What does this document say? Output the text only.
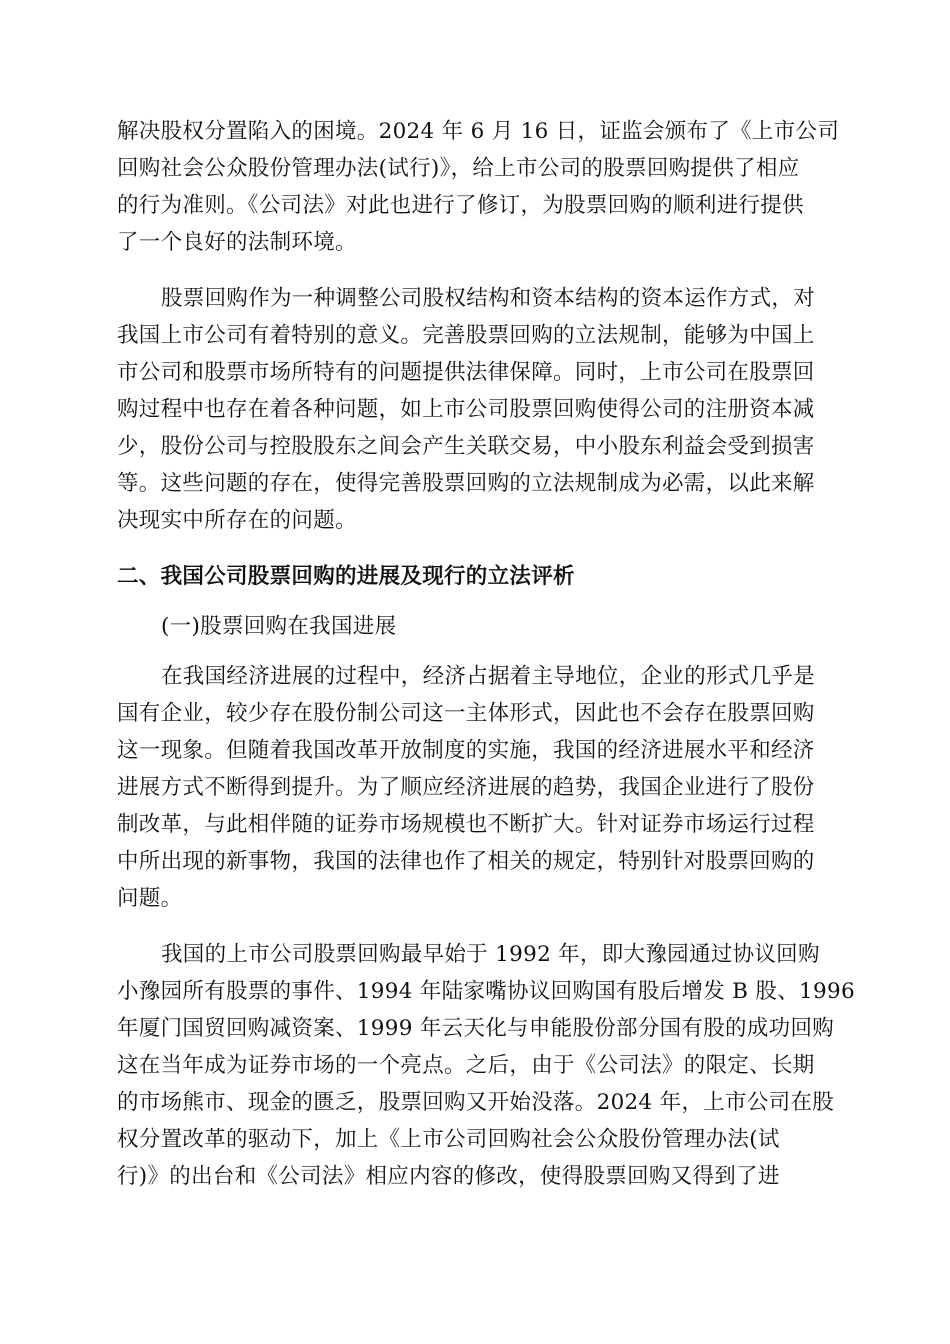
解决股权分置陷入的困境。2024 年 6 月 16 日，证监会颁布了《上市公司
回购社会公众股份管理办法(试行)》，给上市公司的股票回购提供了相应
的行为准则。《公司法》对此也进行了修订，为股票回购的顺利进行提供
了一个良好的法制环境。
股票回购作为一种调整公司股权结构和资本结构的资本运作方式，对
我国上市公司有着特别的意义。完善股票回购的立法规制，能够为中国上
市公司和股票市场所特有的问题提供法律保障。同时，上市公司在股票回
购过程中也存在着各种问题，如上市公司股票回购使得公司的注册资本减
少，股份公司与控股股东之间会产生关联交易，中小股东利益会受到损害
等。这些问题的存在，使得完善股票回购的立法规制成为必需，以此来解
决现实中所存在的问题。
二、我国公司股票回购的进展及现行的立法评析
(一)股票回购在我国进展
在我国经济进展的过程中，经济占据着主导地位，企业的形式几乎是
国有企业，较少存在股份制公司这一主体形式，因此也不会存在股票回购
这一现象。但随着我国改革开放制度的实施，我国的经济进展水平和经济
进展方式不断得到提升。为了顺应经济进展的趋势，我国企业进行了股份
制改革，与此相伴随的证券市场规模也不断扩大。针对证券市场运行过程
中所出现的新事物，我国的法律也作了相关的规定，特别针对股票回购的
问题。
我国的上市公司股票回购最早始于 1992 年，即大豫园通过协议回购
小豫园所有股票的事件、1994 年陆家嘴协议回购国有股后增发 B 股、1996
年厦门国贸回购减资案、1999 年云天化与申能股份部分国有股的成功回购
这在当年成为证券市场的一个亮点。之后，由于《公司法》的限定、长期
的市场熊市、现金的匮乏，股票回购又开始没落。2024 年，上市公司在股
权分置改革的驱动下，加上《上市公司回购社会公众股份管理办法(试
行)》的出台和《公司法》相应内容的修改，使得股票回购又得到了进
